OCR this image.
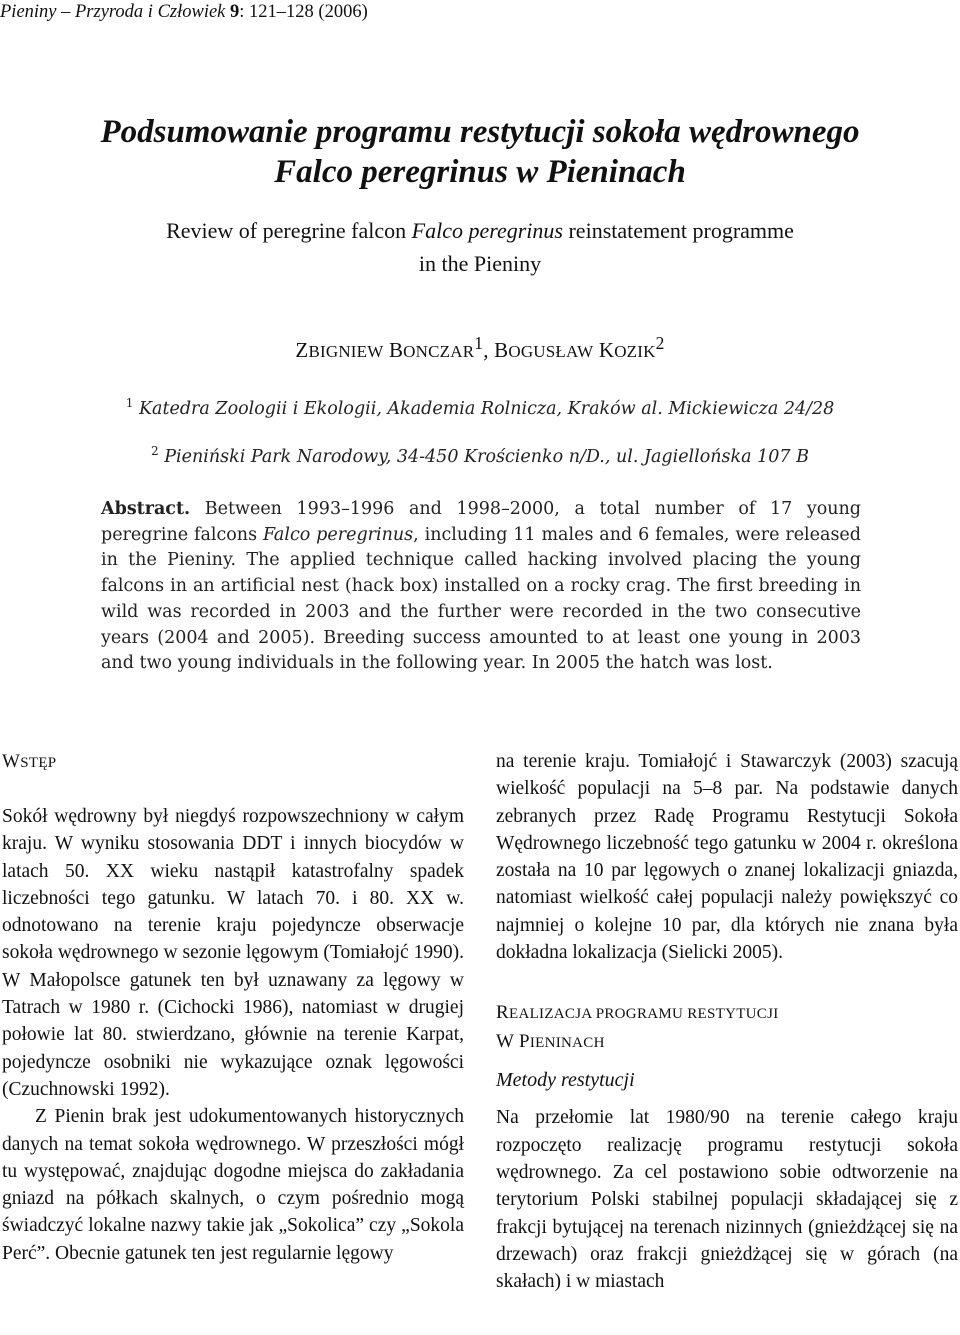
Pieniny – Przyroda i Człowiek 9: 121–128 (2006)
Podsumowanie programu restytucji sokoła wędrownego
Falco peregrinus w Pieninach
Review of peregrine falcon Falco peregrinus reinstatement programme
in the Pieniny
ZBIGNIEW BONCZAR$^1$, BOGUSŁAW KOZIK$^2$
$^1$ Katedra Zoologii i Ekologii, Akademia Rolnicza, Kraków al. Mickiewicza 24/28
$^2$ Pieniński Park Narodowy, 34-450 Krościenko n/D., ul. Jagiellońska 107 B
Abstract. Between 1993–1996 and 1998–2000, a total number of 17 young peregrine falcons Falco peregrinus, including 11 males and 6 females, were released in the Pieniny. The applied technique called hacking involved placing the young falcons in an artificial nest (hack box) installed on a rocky crag. The first breeding in wild was recorded in 2003 and the further were recorded in the two consecutive years (2004 and 2005). Breeding success amounted to at least one young in 2003 and two young individuals in the following year. In 2005 the hatch was lost.
WSTĘP

Sokół wędrowny był niegdyś rozpowszechniony w całym kraju. W wyniku stosowania DDT i innych biocydów w latach 50. XX wieku nastąpił katastrofalny spadek liczebności tego gatunku. W latach 70. i 80. XX w. odnotowano na terenie kraju pojedyncze obserwacje sokoła wędrownego w sezonie lęgowym (Tomiałojć 1990). W Małopolsce gatunek ten był uznawany za lęgowy w Tatrach w 1980 r. (Cichocki 1986), natomiast w drugiej połowie lat 80. stwierdzano, głównie na terenie Karpat, pojedyncze osobniki nie wykazujące oznak lęgowości (Czuchnowski 1992).

Z Pienin brak jest udokumentowanych historycznych danych na temat sokoła wędrownego. W przeszłości mógł tu występować, znajdując dogodne miejsca do zakładania gniazd na półkach skalnych, o czym pośrednio mogą świadczyć lokalne nazwy takie jak „Sokolica” czy „Sokola Perć”. Obecnie gatunek ten jest regularnie lęgowy

na terenie kraju. Tomiałojć i Stawarczyk (2003) szacują wielkość populacji na 5–8 par. Na podstawie danych zebranych przez Radę Programu Restytucji Sokoła Wędrownego liczebność tego gatunku w 2004 r. określona została na 10 par lęgowych o znanej lokalizacji gniazda, natomiast wielkość całej populacji należy powiększyć co najmniej o kolejne 10 par, dla których nie znana była dokładna lokalizacja (Sielicki 2005).

REALIZACJA PROGRAMU RESTYTUCJI
W PIENINACH
Metody restytucji

Na przełomie lat 1980/90 na terenie całego kraju rozpoczęto realizację programu restytucji sokoła wędrownego. Za cel postawiono sobie odtworzenie na terytorium Polski stabilnej populacji składającej się z frakcji bytującej na terenach nizinnych (gnieżdżącej się na drzewach) oraz frakcji gnieżdżącej się w górach (na skałach) i w miastach
